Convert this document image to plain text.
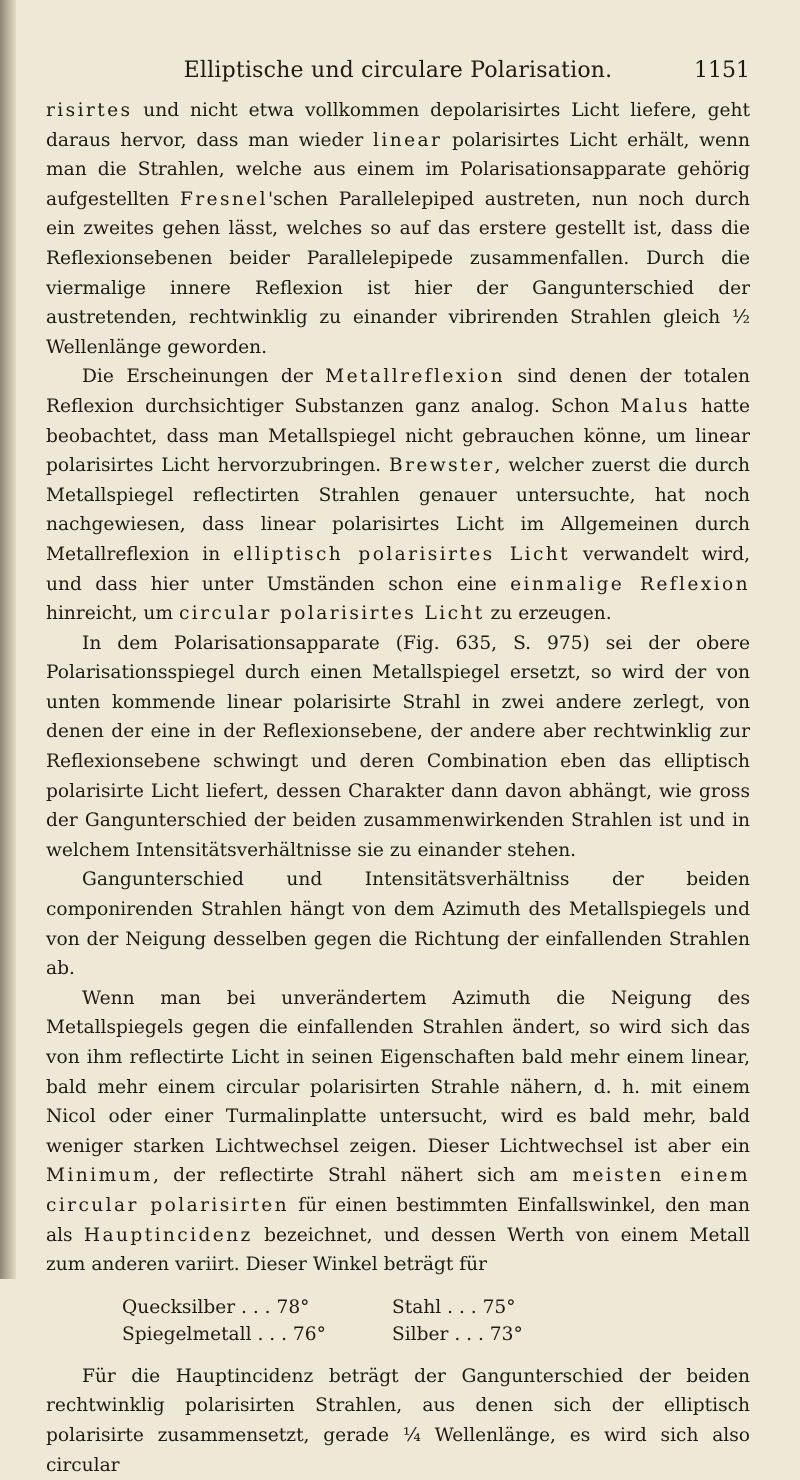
Elliptische und circulare Polarisation.	1151

risirtes und nicht etwa vollkommen depolarisirtes Licht liefere, geht daraus hervor, dass man wieder linear polarisirtes Licht erhält, wenn man die Strahlen, welche aus einem im Polarisationsapparate gehörig aufgestellten Fresnel'schen Parallelepiped austreten, nun noch durch ein zweites gehen lässt, welches so auf das erstere gestellt ist, dass die Reflexionsebenen beider Parallelepipede zusammenfallen. Durch die viermalige innere Reflexion ist hier der Gangunterschied der austretenden, rechtwinklig zu einander vibrirenden Strahlen gleich ½ Wellenlänge geworden.

Die Erscheinungen der Metallreflexion sind denen der totalen Reflexion durchsichtiger Substanzen ganz analog. Schon Malus hatte beobachtet, dass man Metallspiegel nicht gebrauchen könne, um linear polarisirtes Licht hervorzubringen. Brewster, welcher zuerst die durch Metallspiegel reflectirten Strahlen genauer untersuchte, hat noch nachgewiesen, dass linear polarisirtes Licht im Allgemeinen durch Metallreflexion in elliptisch polarisirtes Licht verwandelt wird, und dass hier unter Umständen schon eine einmalige Reflexion hinreicht, um circular polarisirtes Licht zu erzeugen.

In dem Polarisationsapparate (Fig. 635, S. 975) sei der obere Polarisationsspiegel durch einen Metallspiegel ersetzt, so wird der von unten kommende linear polarisirte Strahl in zwei andere zerlegt, von denen der eine in der Reflexionsebene, der andere aber rechtwinklig zur Reflexionsebene schwingt und deren Combination eben das elliptisch polarisirte Licht liefert, dessen Charakter dann davon abhängt, wie gross der Gangunterschied der beiden zusammenwirkenden Strahlen ist und in welchem Intensitätsverhältnisse sie zu einander stehen.

Gangunterschied und Intensitätsverhältniss der beiden componirenden Strahlen hängt von dem Azimuth des Metallspiegels und von der Neigung desselben gegen die Richtung der einfallenden Strahlen ab.

Wenn man bei unverändertem Azimuth die Neigung des Metallspiegels gegen die einfallenden Strahlen ändert, so wird sich das von ihm reflectirte Licht in seinen Eigenschaften bald mehr einem linear, bald mehr einem circular polarisirten Strahle nähern, d. h. mit einem Nicol oder einer Turmalinplatte untersucht, wird es bald mehr, bald weniger starken Lichtwechsel zeigen. Dieser Lichtwechsel ist aber ein Minimum, der reflectirte Strahl nähert sich am meisten einem circular polarisirten für einen bestimmten Einfallswinkel, den man als Hauptincidenz bezeichnet, und dessen Werth von einem Metall zum anderen variirt. Dieser Winkel beträgt für

Quecksilber . . . 78°	Stahl . . . 75°
Spiegelmetall . . . 76°	Silber . . . 73°

Für die Hauptincidenz beträgt der Gangunterschied der beiden rechtwinklig polarisirten Strahlen, aus denen sich der elliptisch polarisirte zusammensetzt, gerade ¼ Wellenlänge, es wird sich also circular
